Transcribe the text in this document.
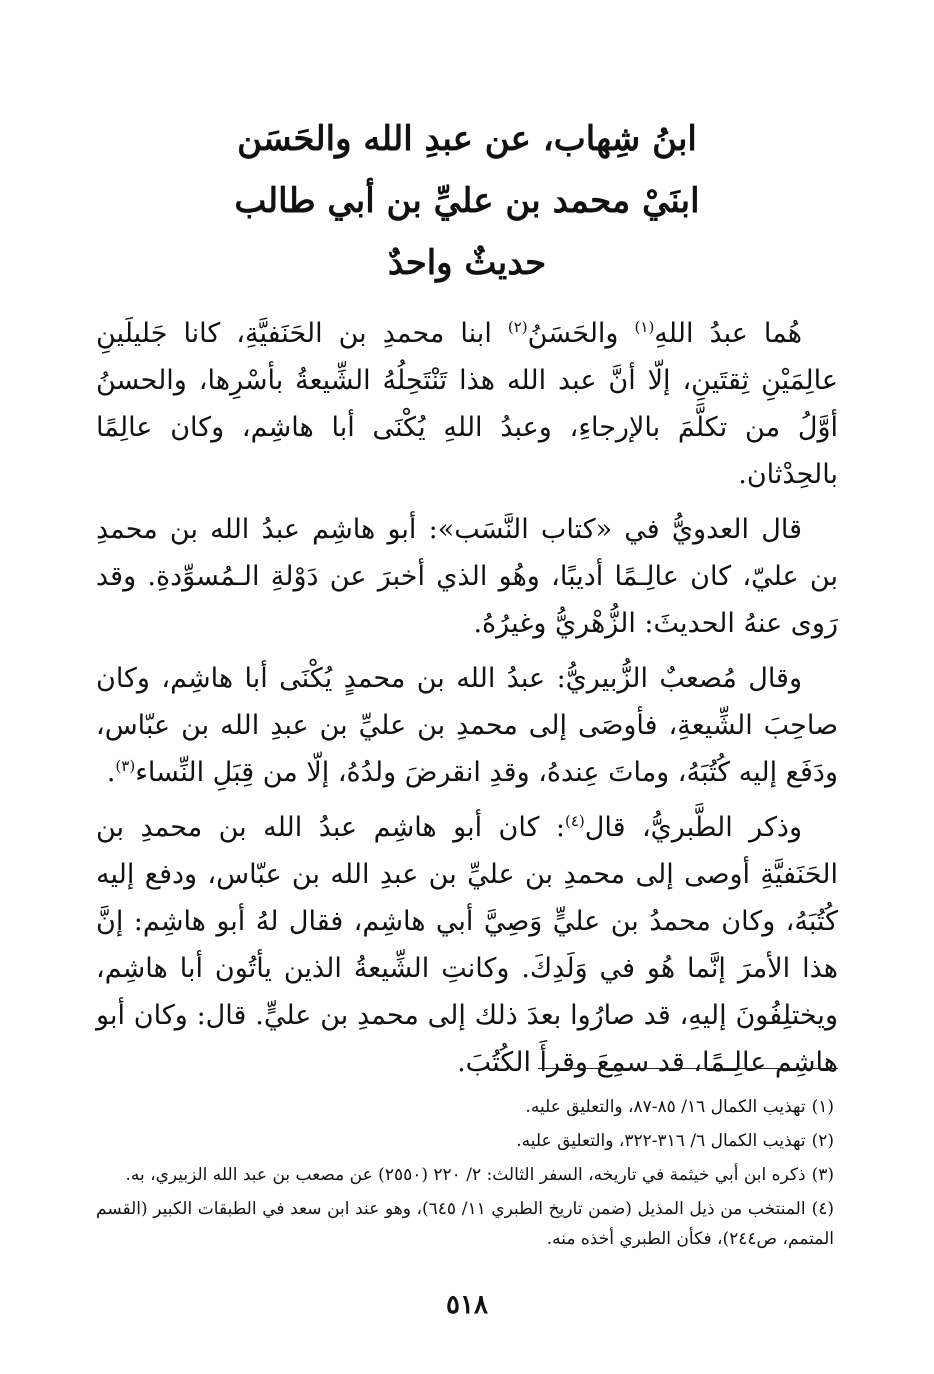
ابنُ شِهاب، عن عبدِ الله والحَسَن
ابنَيْ محمد بن عليِّ بن أبي طالب
حديثٌ واحدٌ

هُما عبدُ اللهِ$^{(١)}$ والحَسَنُ$^{(٢)}$ ابنا محمدِ بن الحَنَفيَّةِ، كانا جَليلَينِ عالِمَيْنِ ثِقتَينِ، إلّا أنَّ عبد الله هذا تَنْتَحِلُهُ الشِّيعةُ بأسْرِها، والحسنُ أوَّلُ من تكلَّمَ بالإرجاءِ، وعبدُ اللهِ يُكْنَى أبا هاشِم، وكان عالِمًا بالحِدْثان.

قال العدويُّ في «كتاب النَّسَب»: أبو هاشِم عبدُ الله بن محمدِ بن عليّ، كان عالِـمًا أديبًا، وهُو الذي أخبرَ عن دَوْلةِ الـمُسوِّدةِ. وقد رَوى عنهُ الحديثَ: الزُّهْريُّ وغيرُهُ.

وقال مُصعبٌ الزُّبيريُّ: عبدُ الله بن محمدٍ يُكْنَى أبا هاشِم، وكان صاحِبَ الشِّيعةِ، فأوصَى إلى محمدِ بن عليِّ بن عبدِ الله بن عبّاس، ودَفَع إليه كُتُبَهُ، وماتَ عِندهُ، وقدِ انقرضَ ولدُهُ، إلّا من قِبَلِ النِّساء$^{(٣)}$.

وذكر الطَّبريُّ، قال$^{(٤)}$: كان أبو هاشِم عبدُ الله بن محمدِ بن الحَنَفيَّةِ أوصى إلى محمدِ بن عليِّ بن عبدِ الله بن عبّاس، ودفع إليه كُتُبَهُ، وكان محمدُ بن عليٍّ وَصِيَّ أبي هاشِم، فقال لهُ أبو هاشِم: إنَّ هذا الأمرَ إنَّما هُو في وَلَدِكَ. وكانتِ الشِّيعةُ الذين يأتُون أبا هاشِم، ويختلِفُونَ إليهِ، قد صارُوا بعدَ ذلك إلى محمدِ بن عليٍّ. قال: وكان أبو هاشِم عالِـمًا، قد سمِعَ وقرأَ الكُتُبَ.

(١)تهذيب الكمال ١٦/ ٨٥-٨٧، والتعليق عليه.

(٢)تهذيب الكمال ٦/ ٣١٦-٣٢٢، والتعليق عليه.

(٣)ذكره ابن أبي خيثمة في تاريخه، السفر الثالث: ٢/ ٢٢٠ (٢٥٥٠) عن مصعب بن عبد الله الزبيري، به.

(٤)المنتخب من ذيل المذيل (ضمن تاريخ الطبري ١١/ ٦٤٥)، وهو عند ابن سعد في الطبقات الكبير (القسم المتمم، ص٢٤٤)، فكأن الطبري أخذه منه.

٥١٨
